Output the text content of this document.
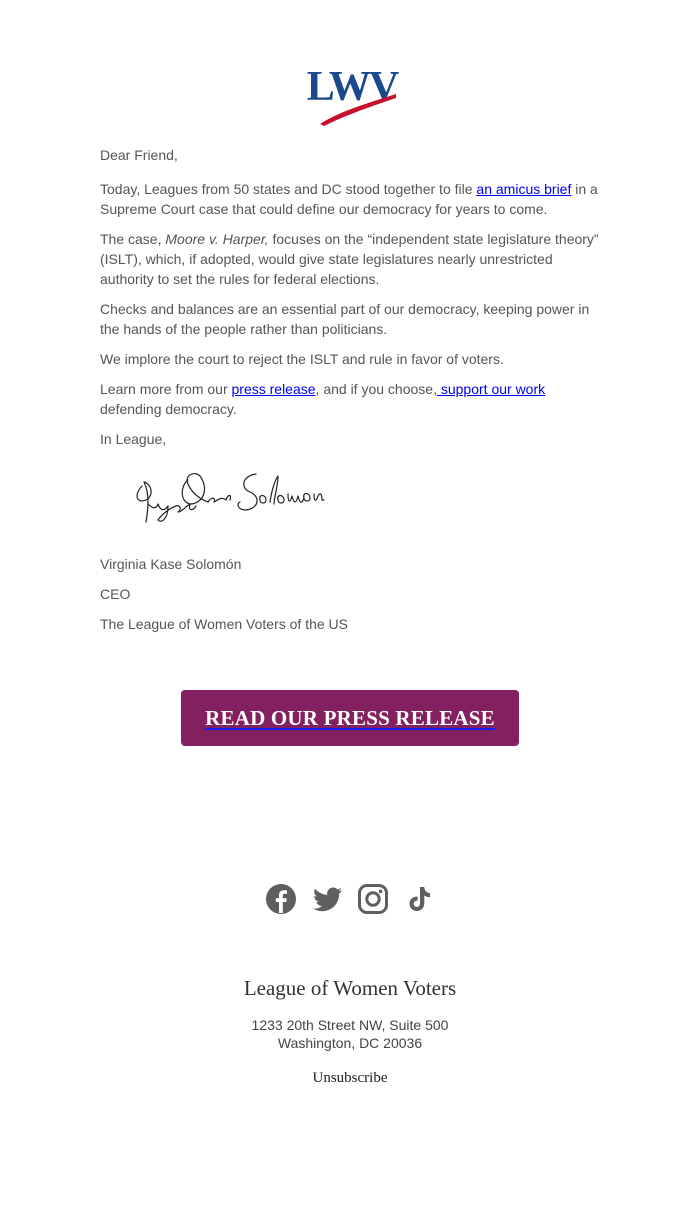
LWV

Dear Friend,

Today, Leagues from 50 states and DC stood together to file an amicus brief in a Supreme Court case that could define our democracy for years to come.

The case, Moore v. Harper, focuses on the “independent state legislature theory” (ISLT), which, if adopted, would give state legislatures nearly unrestricted authority to set the rules for federal elections.

Checks and balances are an essential part of our democracy, keeping power in the hands of the people rather than politicians.

We implore the court to reject the ISLT and rule in favor of voters.

Learn more from our press release, and if you choose, support our work defending democracy.

In League,

Virginia Kase Solomón

CEO

The League of Women Voters of the US

READ OUR PRESS RELEASE
League of Women Voters
1233 20th Street NW, Suite 500
Washington, DC 20036
Unsubscribe
